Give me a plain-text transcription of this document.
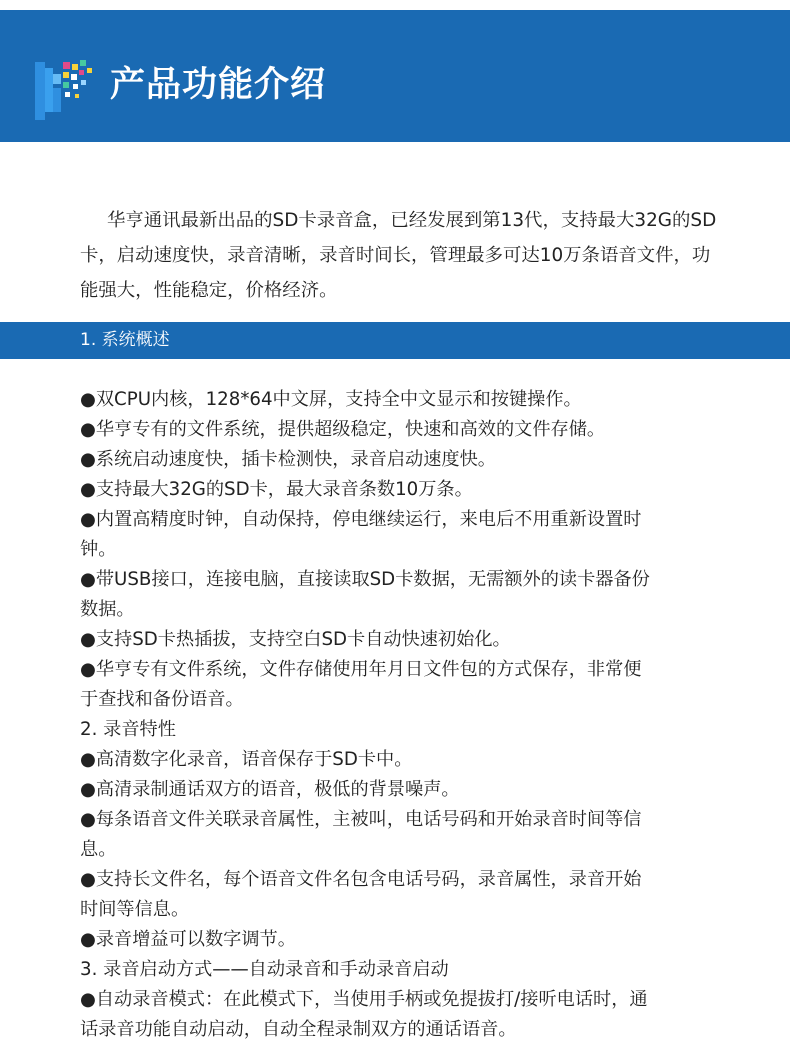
产品功能介绍

华亨通讯最新出品的SD卡录音盒，已经发展到第13代，支持最大32G的SD卡，启动速度快，录音清晰，录音时间长，管理最多可达10万条语音文件，功能强大，性能稳定，价格经济。

1. 系统概述
●双CPU内核，128*64中文屏，支持全中文显示和按键操作。
●华亨专有的文件系统，提供超级稳定，快速和高效的文件存储。
●系统启动速度快，插卡检测快，录音启动速度快。
●支持最大32G的SD卡，最大录音条数10万条。
●内置高精度时钟，自动保持，停电继续运行，来电后不用重新设置时
钟。
●带USB接口，连接电脑，直接读取SD卡数据，无需额外的读卡器备份
数据。
●支持SD卡热插拔，支持空白SD卡自动快速初始化。
●华亨专有文件系统，文件存储使用年月日文件包的方式保存，非常便
于查找和备份语音。
2. 录音特性
●高清数字化录音，语音保存于SD卡中。
●高清录制通话双方的语音，极低的背景噪声。
●每条语音文件关联录音属性，主被叫，电话号码和开始录音时间等信
息。
●支持长文件名，每个语音文件名包含电话号码，录音属性，录音开始
时间等信息。
●录音增益可以数字调节。
3. 录音启动方式——自动录音和手动录音启动
●自动录音模式：在此模式下，当使用手柄或免提拔打/接听电话时，通
话录音功能自动启动，自动全程录制双方的通话语音。
